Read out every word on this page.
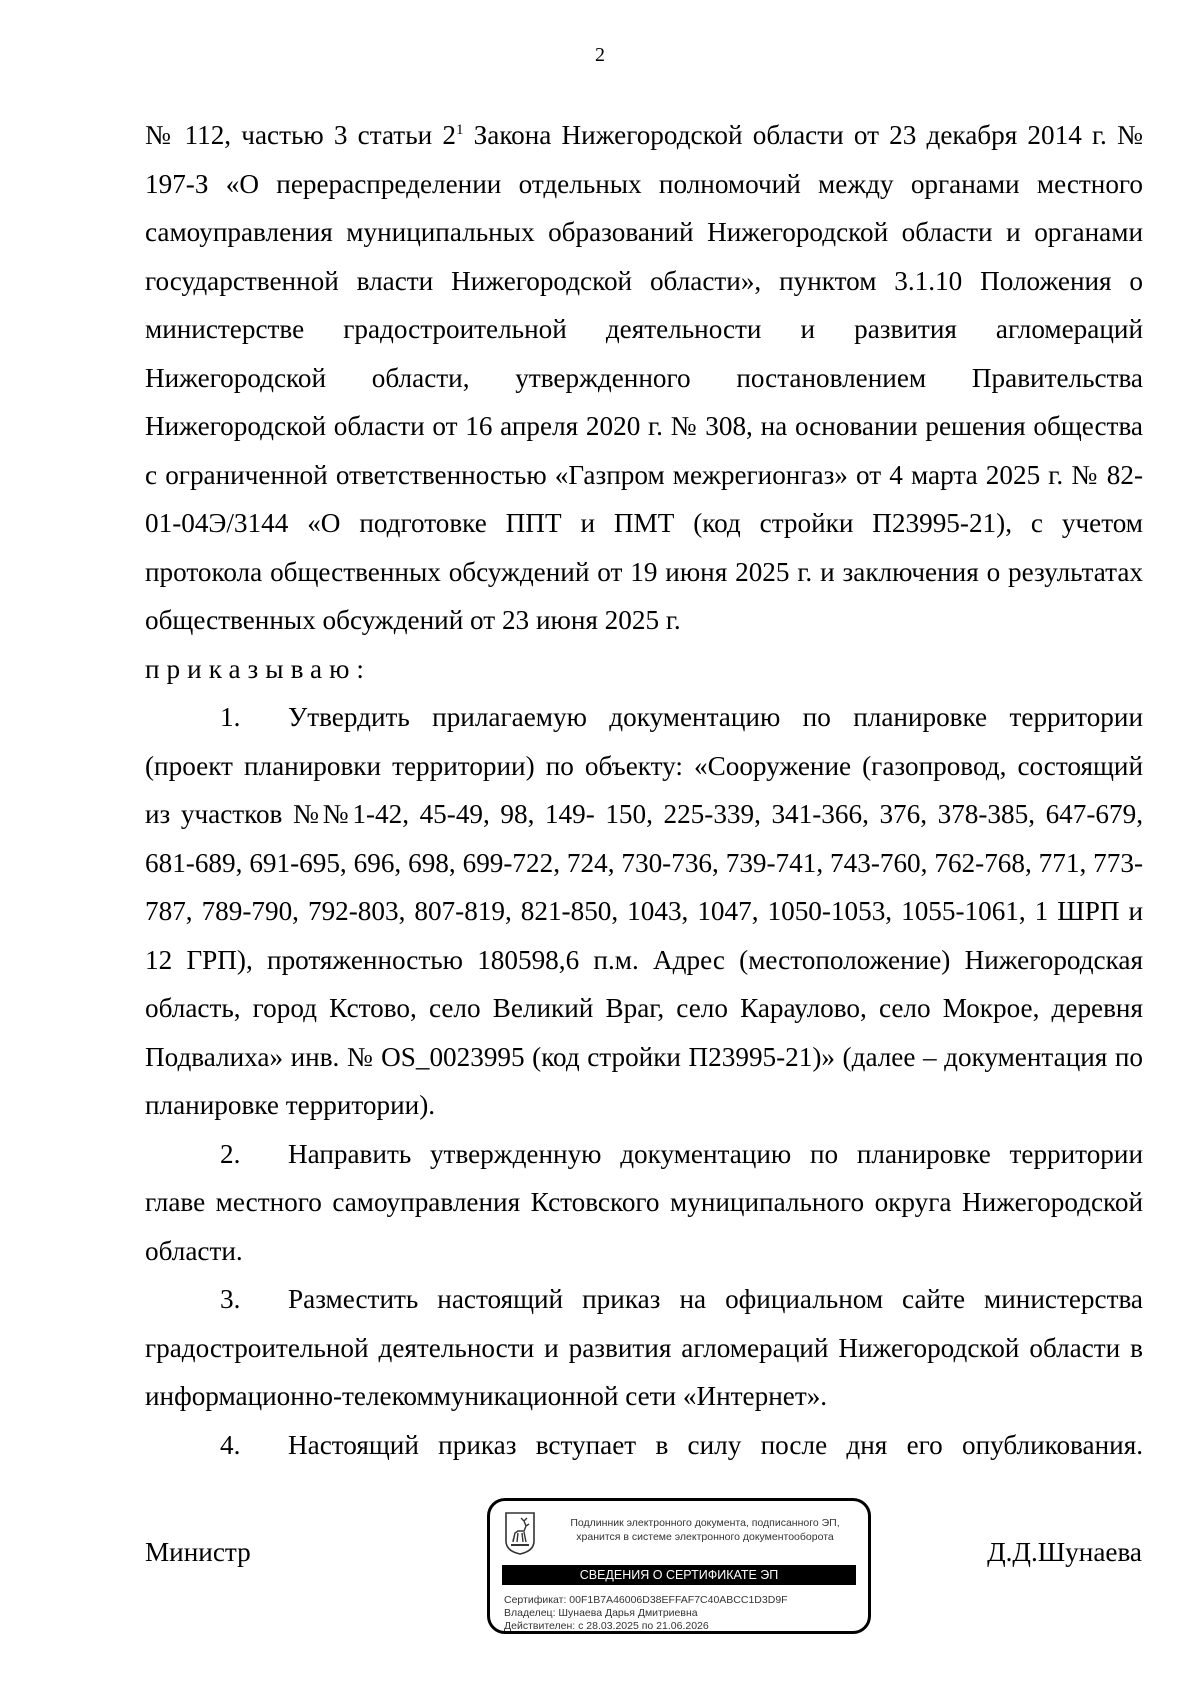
2

№ 112, частью 3 статьи $2^1$ Закона Нижегородской области от 23 декабря 2014 г. № 197-З «О перераспределении отдельных полномочий между органами местного самоуправления муниципальных образований Нижегородской области и органами государственной власти Нижегородской области», пунктом 3.1.10 Положения о министерстве градостроительной деятельности и развития агломераций Нижегородской области, утвержденного постановлением Правительства Нижегородской области от 16 апреля 2020 г. № 308, на основании решения общества с ограниченной ответственностью «Газпром межрегионгаз» от 4 марта 2025 г. № 82-01-04Э/3144 «О подготовке ППТ и ПМТ (код стройки П23995-21), с учетом протокола общественных обсуждений от 19 июня 2025 г. и заключения о результатах общественных обсуждений от 23 июня 2025 г.

приказываю:

1. Утвердить прилагаемую документацию по планировке территории (проект планировки территории) по объекту: «Сооружение (газопровод, состоящий из участков №№1-42, 45-49, 98, 149- 150, 225-339, 341-366, 376, 378-385, 647-679, 681-689, 691-695, 696, 698, 699-722, 724, 730-736, 739-741, 743-760, 762-768, 771, 773-787, 789-790, 792-803, 807-819, 821-850, 1043, 1047, 1050-1053, 1055-1061, 1 ШРП и 12 ГРП), протяженностью 180598,6 п.м. Адрес (местоположение) Нижегородская область, город Кстово, село Великий Враг, село Караулово, село Мокрое, деревня Подвалиха» инв. № OS_0023995 (код стройки П23995-21)» (далее – документация по планировке территории).

2. Направить утвержденную документацию по планировке территории главе местного самоуправления Кстовского муниципального округа Нижегородской области.

3. Разместить настоящий приказ на официальном сайте министерства градостроительной деятельности и развития агломераций Нижегородской области в информационно-телекоммуникационной сети «Интернет».

4. Настоящий приказ вступает в силу после дня его опубликования.

Министр	Д.Д.Шунаева
Подлинник электронного документа, подписанного ЭП,
хранится в системе электронного документооборота
СВЕДЕНИЯ О СЕРТИФИКАТЕ ЭП
Сертификат: 00F1B7A46006D38EFFAF7C40ABCC1D3D9F
Владелец: Шунаева Дарья Дмитриевна
Действителен: с 28.03.2025 по 21.06.2026
